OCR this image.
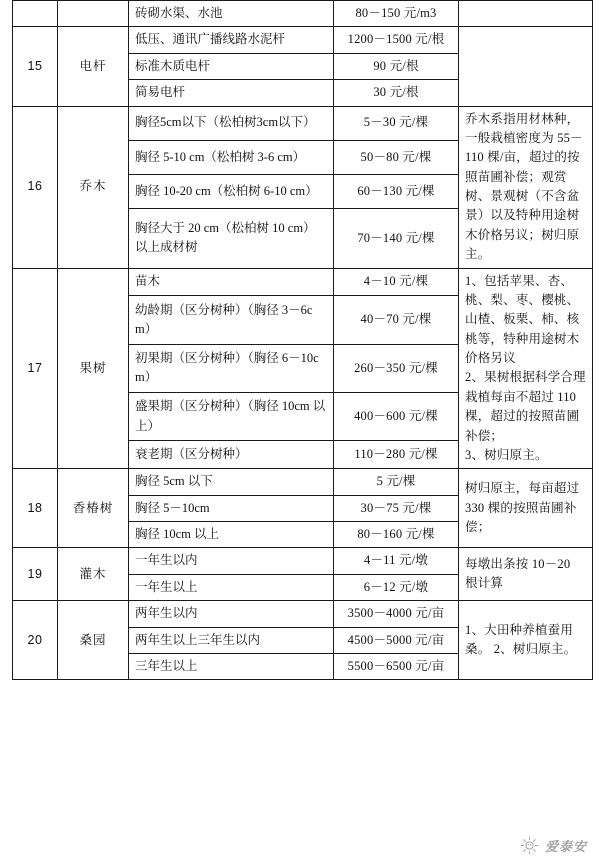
		砖砌水渠、水池	80－150 元/m3	

15	电杆	低压、通讯广播线路水泥杆	1200－1500 元/根	

		标准木质电杆	90 元/根	
		简易电杆	30 元/根	
16	乔木	胸径5cm以下（松柏树3cm以下）	5－30 元/棵	乔木系指用材林种，一般栽植密度为 55－110 棵/亩，超过的按照苗圃补偿；观赏树、景观树（不含盆景）以及特种用途树木价格另议；树归原主。

		胸径 5-10 cm（松柏树 3-6 cm）	50－80 元/棵	
		胸径 10-20 cm（松柏树 6-10 cm）	60－130 元/棵	
		胸径大于 20 cm（松柏树 10 cm）以上成材树	70－140 元/棵	
17	果树	苗木	4－10 元/棵	1、包括苹果、杏、桃、梨、枣、樱桃、山楂、板栗、柿、核桃等，特种用途树木价格另议
2、果树根据科学合理栽植每亩不超过 110 棵，超过的按照苗圃补偿；
3、树归原主。

		幼龄期（区分树种）（胸径 3－6cm）	40－70 元/棵	
		初果期（区分树种）（胸径 6－10cm）	260－350 元/棵	
		盛果期（区分树种）（胸径 10cm 以上）	400－600 元/棵	
		衰老期（区分树种）	110－280 元/棵	
18	香椿树	胸径 5cm 以下	5 元/棵	树归原主，每亩超过 330 棵的按照苗圃补偿；

		胸径 5－10cm	30－75 元/棵	
		胸径 10cm 以上	80－160 元/棵	
19	灌木	一年生以内	4－11 元/墩	每墩出条按 10－20 根计算

		一年生以上	6－12 元/墩	
20	桑园	两年生以内	3500－4000 元/亩	1、大田种养植蚕用桑。 2、树归原主。

		两年生以上三年生以内	4500－5000 元/亩	
		三年生以上	5500－6500 元/亩	
爱泰安
